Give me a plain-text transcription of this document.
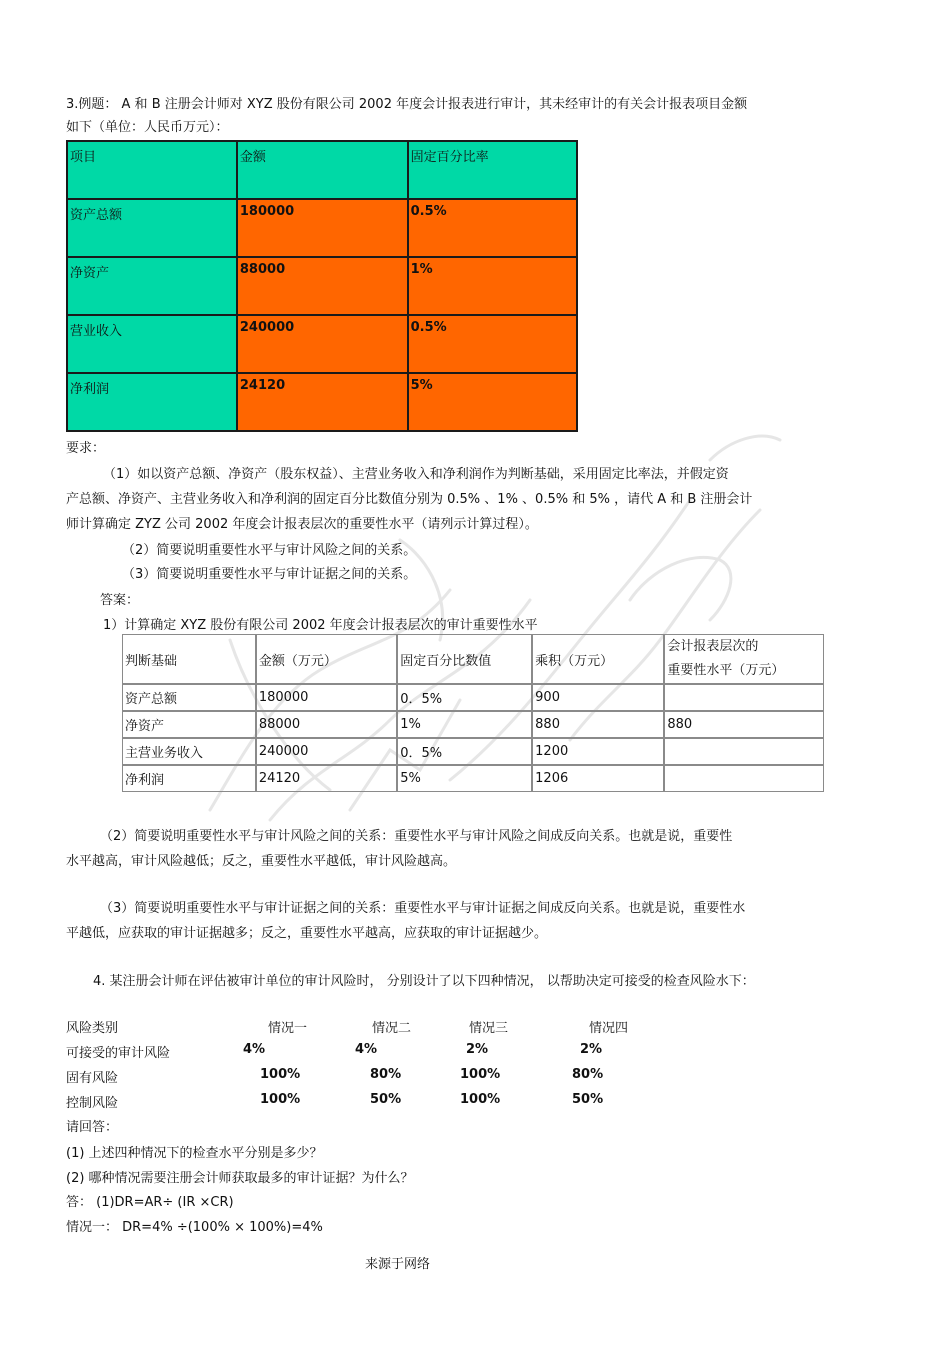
3.例题： A 和 B 注册会计师对 XYZ 股份有限公司 2002 年度会计报表进行审计，其未经审计的有关会计报表项目金额
如下（单位：人民币万元）：
项目	金额	固定百分比率
资产总额	180000	0.5%
净资产	88000	1%
营业收入	240000	0.5%
净利润	24120	5%
要求：
（1）如以资产总额、净资产（股东权益）、主营业务收入和净利润作为判断基础，采用固定比率法，并假定资
产总额、净资产、主营业务收入和净利润的固定百分比数值分别为 0.5% 、1% 、0.5% 和 5% ，请代 A 和 B 注册会计
师计算确定 ZYZ 公司 2002 年度会计报表层次的重要性水平（请列示计算过程）。
（2）简要说明重要性水平与审计风险之间的关系。
（3）简要说明重要性水平与审计证据之间的关系。
答案：
1）计算确定 XYZ 股份有限公司 2002 年度会计报表层次的审计重要性水平
判断基础	金额（万元）	固定百分比数值	乘积（万元）	会计报表层次的
重要性水平（万元）

资产总额	180000	0．5%	900	
净资产	88000	1%	880	880
主营业务收入	240000	0．5%	1200	
净利润	24120	5%	1206	
（2）简要说明重要性水平与审计风险之间的关系：重要性水平与审计风险之间成反向关系。也就是说，重要性
水平越高，审计风险越低；反之，重要性水平越低，审计风险越高。
（3）简要说明重要性水平与审计证据之间的关系：重要性水平与审计证据之间成反向关系。也就是说，重要性水
平越低，应获取的审计证据越多；反之，重要性水平越高，应获取的审计证据越少。
4. 某注册会计师在评估被审计单位的审计风险时， 分别设计了以下四种情况， 以帮助决定可接受的检查风险水下：
风险类别	情况一	情况二	情况三	情况四
可接受的审计风险	4%	4%	2%	2%
固有风险	100%	80%	100%	80%
控制风险	100%	50%	100%	50%
请回答：
(1) 上述四种情况下的检查水平分别是多少？
(2) 哪种情况需要注册会计师获取最多的审计证据？为什么？
答： (1)DR=AR÷ (IR ×CR)
情况一： DR=4% ÷(100% × 100%)=4%
来源于网络
